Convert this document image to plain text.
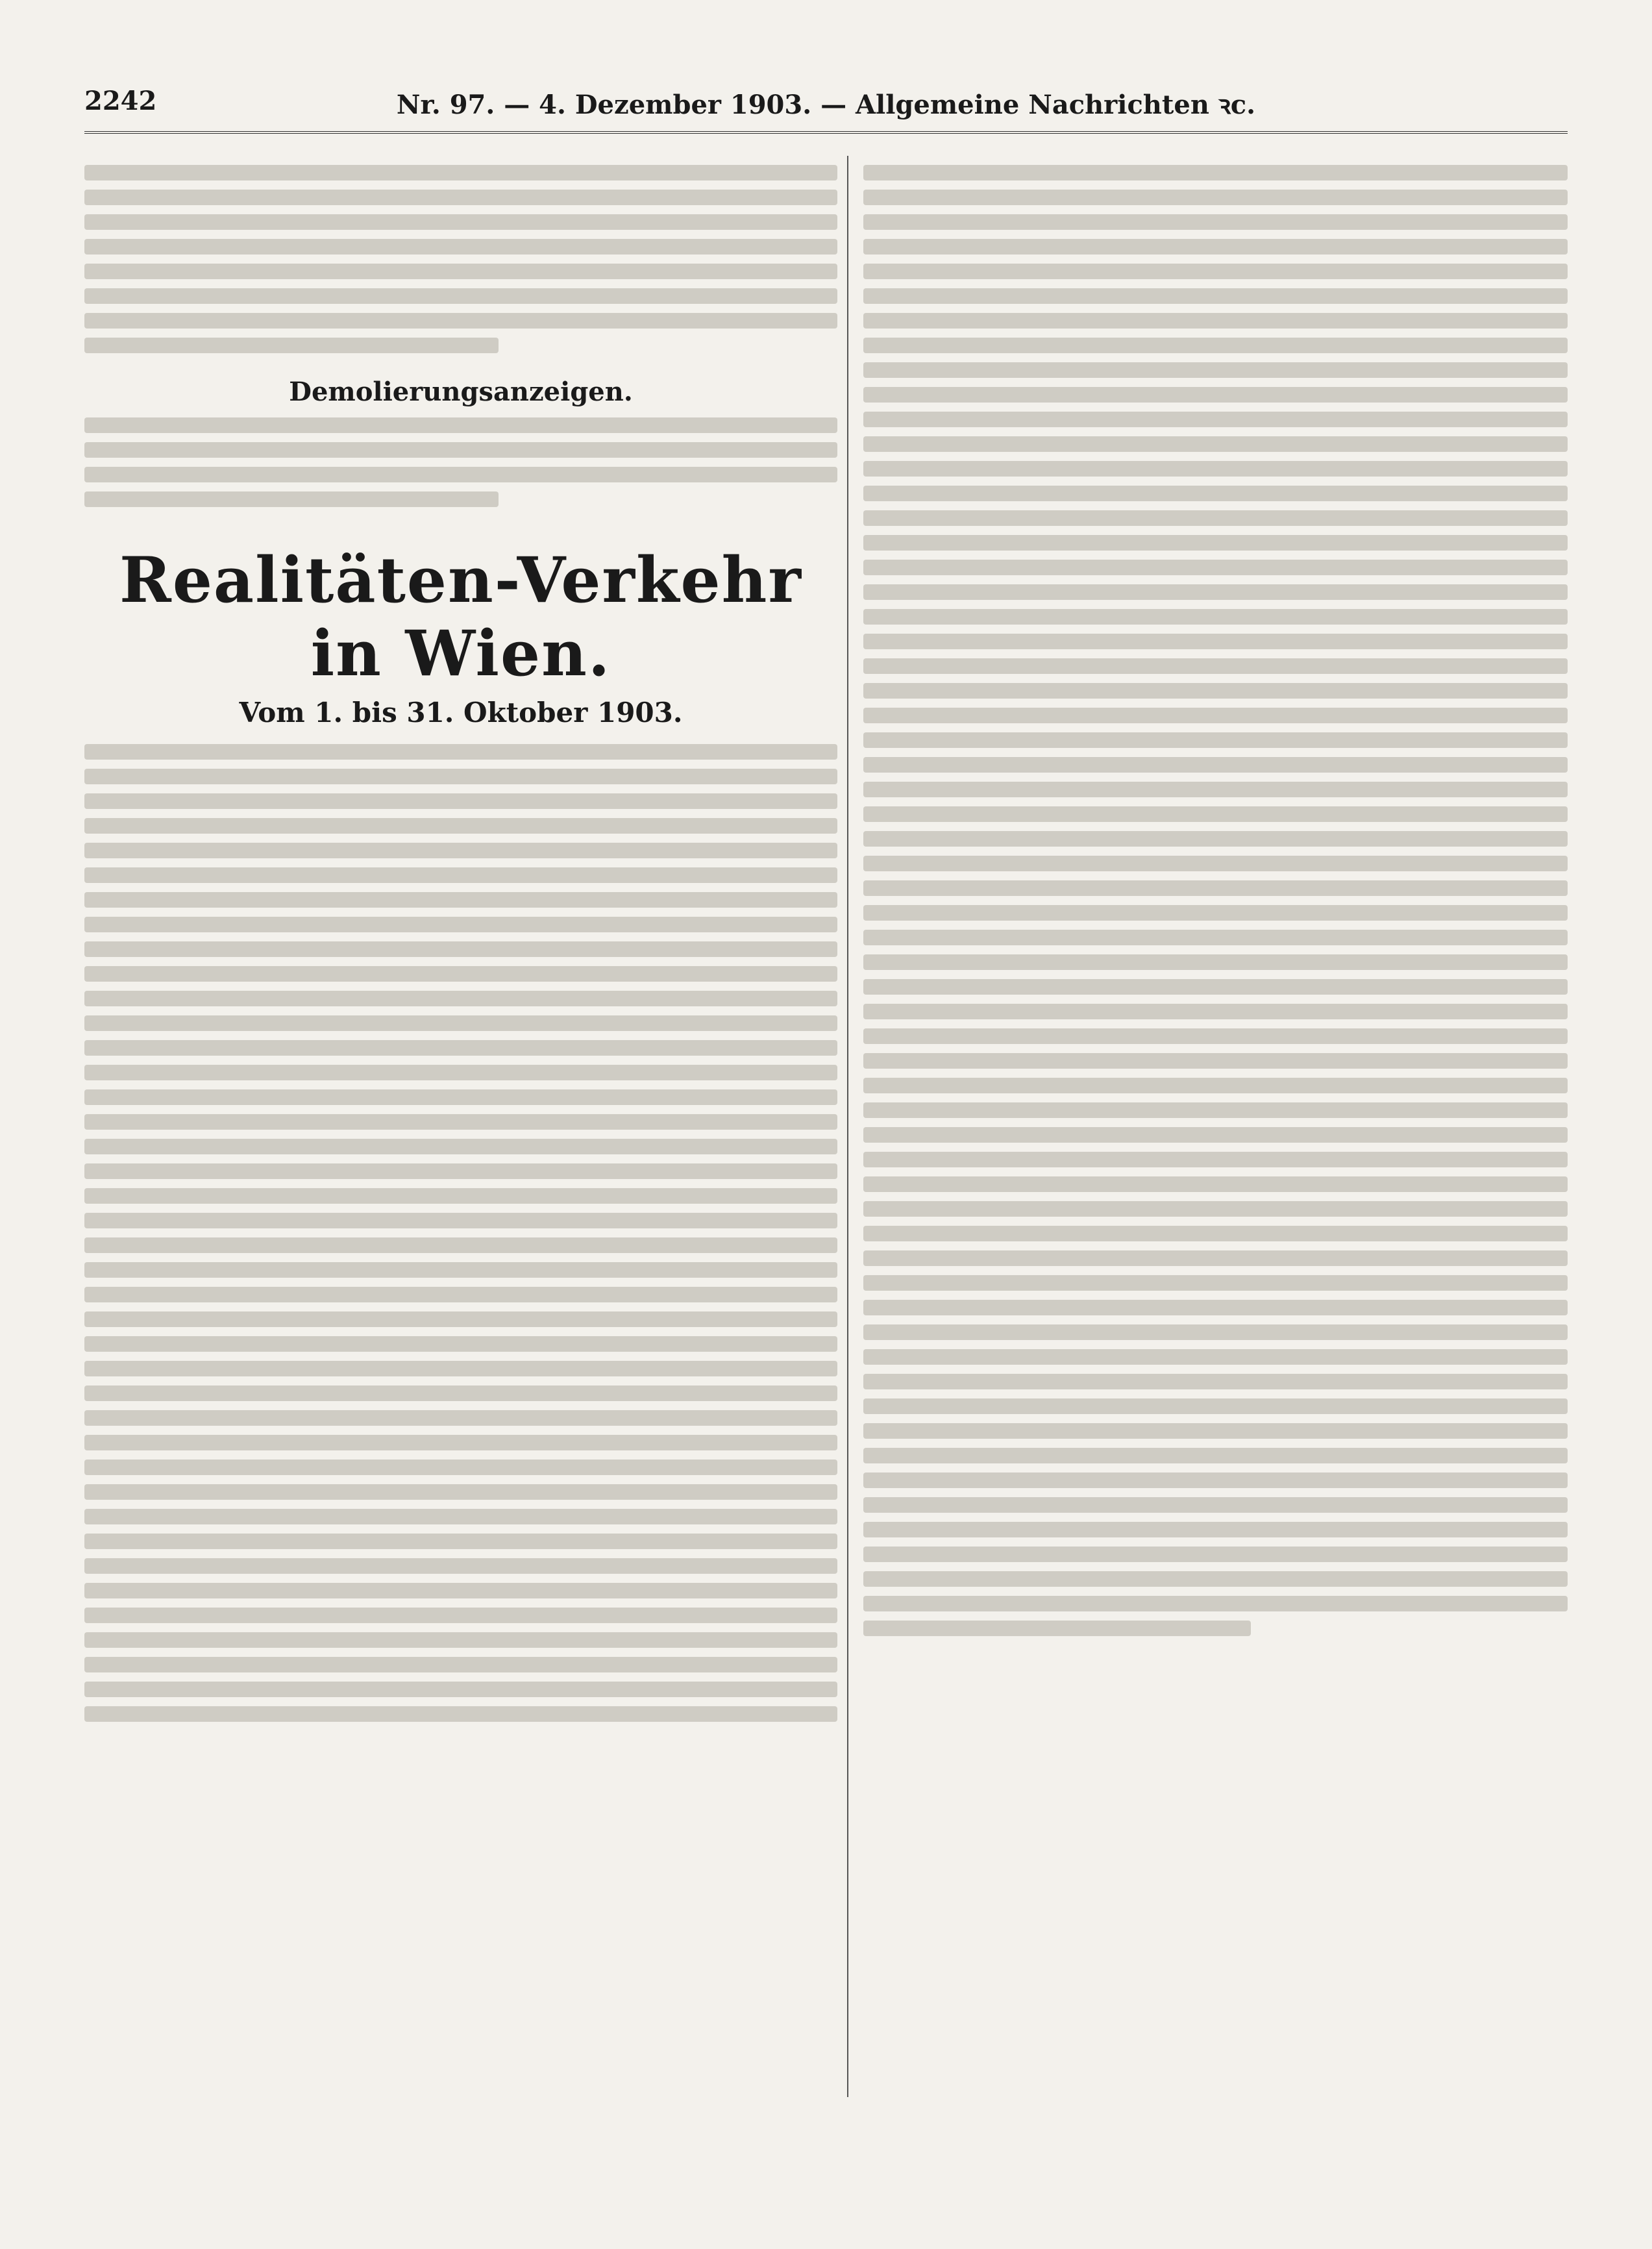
2242	Nr. 97. — 4. Dezember 1903. — Allgemeine Nachrichten ꝛc.
Demolierungsanzeigen.
Realitäten-Verkehr in Wien.
Vom 1. bis 31. Oktober 1903.
